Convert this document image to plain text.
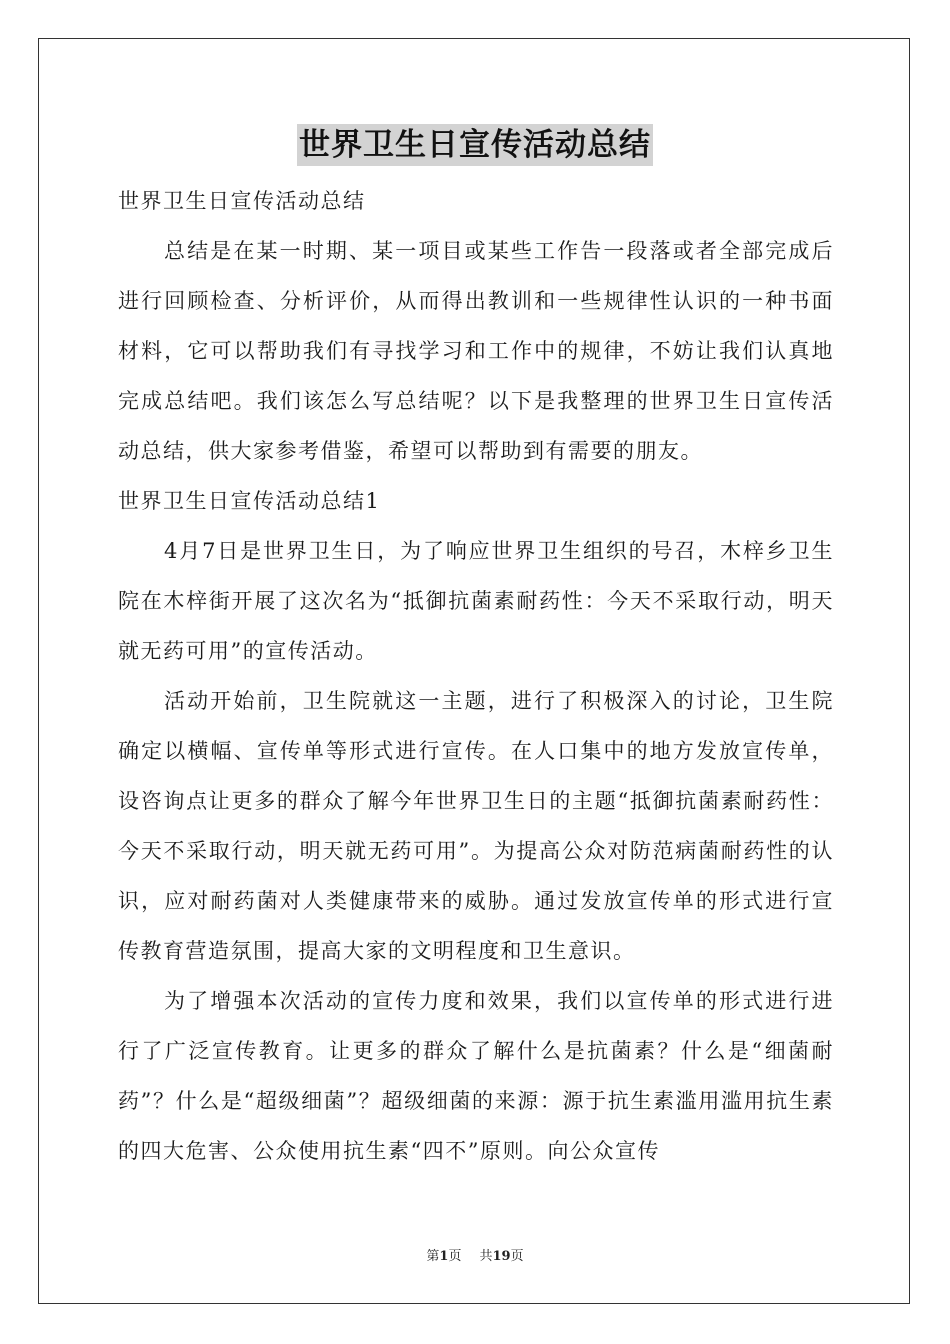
世界卫生日宣传活动总结

世界卫生日宣传活动总结

总结是在某一时期、某一项目或某些工作告一段落或者全部完成后进行回顾检查、分析评价，从而得出教训和一些规律性认识的一种书面材料，它可以帮助我们有寻找学习和工作中的规律，不妨让我们认真地完成总结吧。我们该怎么写总结呢？以下是我整理的世界卫生日宣传活动总结，供大家参考借鉴，希望可以帮助到有需要的朋友。

世界卫生日宣传活动总结1

4月7日是世界卫生日，为了响应世界卫生组织的号召，木梓乡卫生院在木梓街开展了这次名为“抵御抗菌素耐药性：今天不采取行动，明天就无药可用”的宣传活动。

活动开始前，卫生院就这一主题，进行了积极深入的讨论，卫生院确定以横幅、宣传单等形式进行宣传。在人口集中的地方发放宣传单，设咨询点让更多的群众了解今年世界卫生日的主题“抵御抗菌素耐药性：今天不采取行动，明天就无药可用”。为提高公众对防范病菌耐药性的认识，应对耐药菌对人类健康带来的威胁。通过发放宣传单的形式进行宣传教育营造氛围，提高大家的文明程度和卫生意识。

为了增强本次活动的宣传力度和效果，我们以宣传单的形式进行进行了广泛宣传教育。让更多的群众了解什么是抗菌素？什么是“细菌耐药”？什么是“超级细菌”？超级细菌的来源：源于抗生素滥用滥用抗生素的四大危害、公众使用抗生素“四不”原则。向公众宣传

第1页 共19页
